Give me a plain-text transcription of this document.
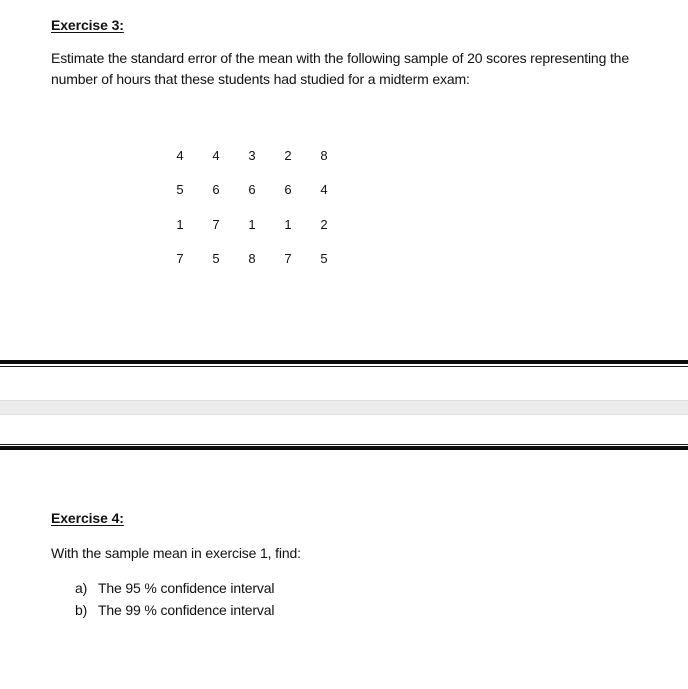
Exercise 3:

Estimate the standard error of the mean with the following sample of 20 scores representing the number of hours that these students had studied for a midterm exam:

4	4	3	2	8
5	6	6	6	4
1	7	1	1	2
7	5	8	7	5
Exercise 4:

With the sample mean in exercise 1, find:

a) The 95 % confidence interval
b) The 99 % confidence interval
